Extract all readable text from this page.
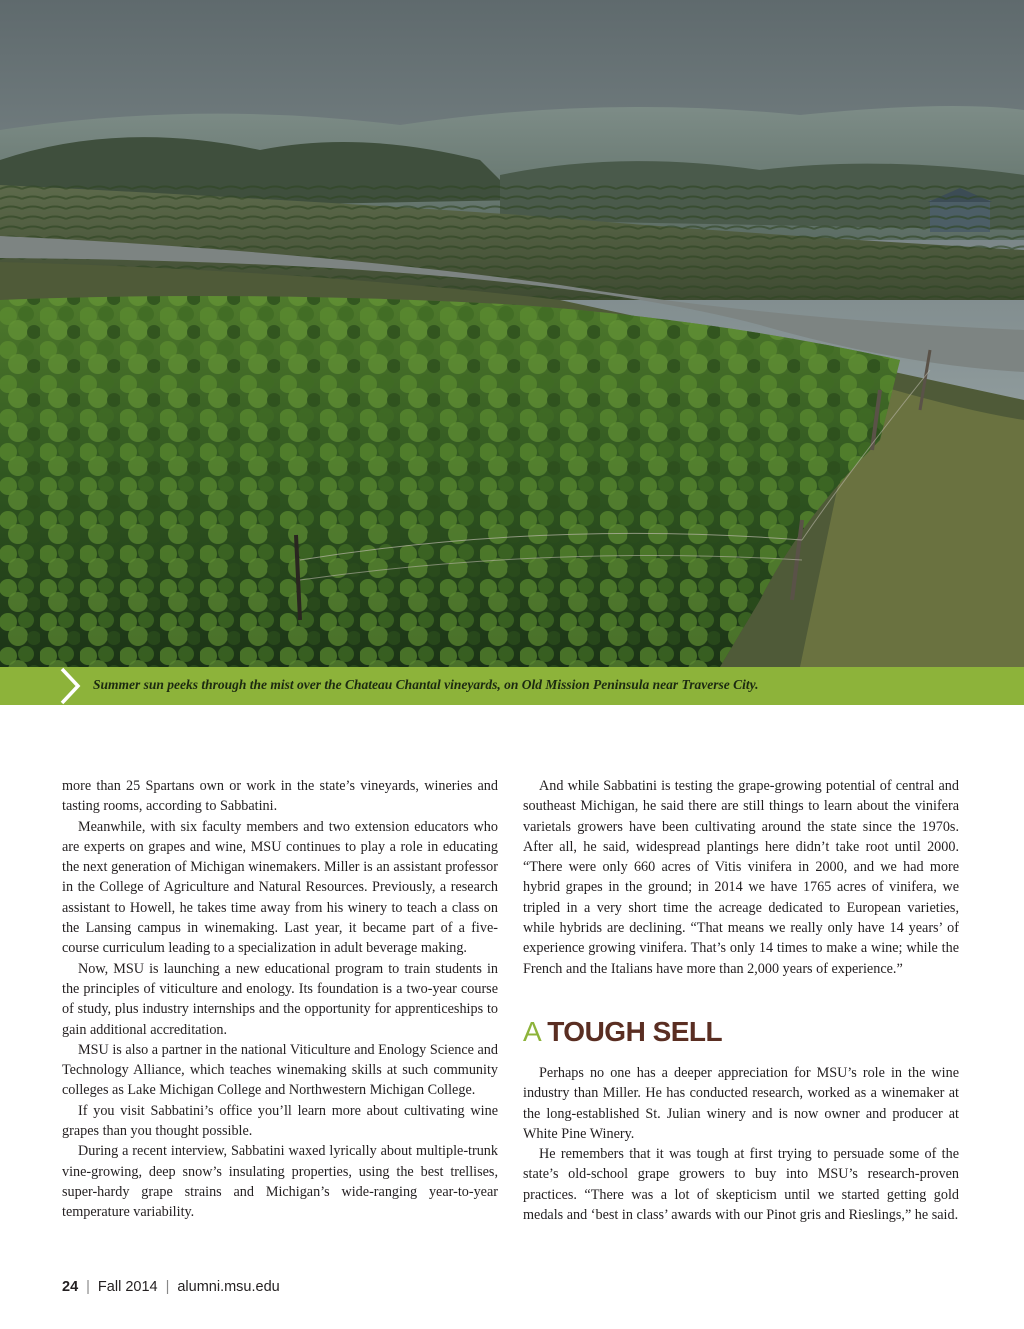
Summer sun peeks through the mist over the Chateau Chantal vineyards, on Old Mission Peninsula near Traverse City.

more than 25 Spartans own or work in the state’s vineyards, wineries and tasting rooms, according to Sabbatini.

Meanwhile, with six faculty members and two extension educators who are experts on grapes and wine, MSU continues to play a role in educating the next generation of Michigan winemakers. Miller is an assistant professor in the College of Agriculture and Natural Resources. Previously, a research assistant to Howell, he takes time away from his winery to teach a class on the Lansing campus in winemaking. Last year, it became part of a five-course curriculum leading to a specialization in adult beverage making.

Now, MSU is launching a new educational program to train students in the principles of viticulture and enology. Its foundation is a two-year course of study, plus industry internships and the opportunity for apprenticeships to gain additional accreditation.

MSU is also a partner in the national Viticulture and Enology Science and Technology Alliance, which teaches winemaking skills at such community colleges as Lake Michigan College and Northwestern Michigan College.

If you visit Sabbatini’s office you’ll learn more about cultivating wine grapes than you thought possible.

During a recent interview, Sabbatini waxed lyrically about multiple-trunk vine-growing, deep snow’s insulating properties, using the best trellises, super-hardy grape strains and Michigan’s wide-ranging year-to-year temperature variability.

And while Sabbatini is testing the grape-growing potential of central and southeast Michigan, he said there are still things to learn about the vinifera varietals growers have been cultivating around the state since the 1970s. After all, he said, widespread plantings here didn’t take root until 2000. “There were only 660 acres of Vitis vinifera in 2000, and we had more hybrid grapes in the ground; in 2014 we have 1765 acres of vinifera, we tripled in a very short time the acreage dedicated to European varieties, while hybrids are declining. “That means we really only have 14 years’ of experience growing vinifera. That’s only 14 times to make a wine; while the French and the Italians have more than 2,000 years of experience.”

A TOUGH SELL

Perhaps no one has a deeper appreciation for MSU’s role in the wine industry than Miller. He has conducted research, worked as a winemaker at the long-established St. Julian winery and is now owner and producer at White Pine Winery.

He remembers that it was tough at first trying to persuade some of the state’s old-school grape growers to buy into MSU’s research-proven practices. “There was a lot of skepticism until we started getting gold medals and ‘best in class’ awards with our Pinot gris and Rieslings,” he said.

24 | Fall 2014 | alumni.msu.edu
